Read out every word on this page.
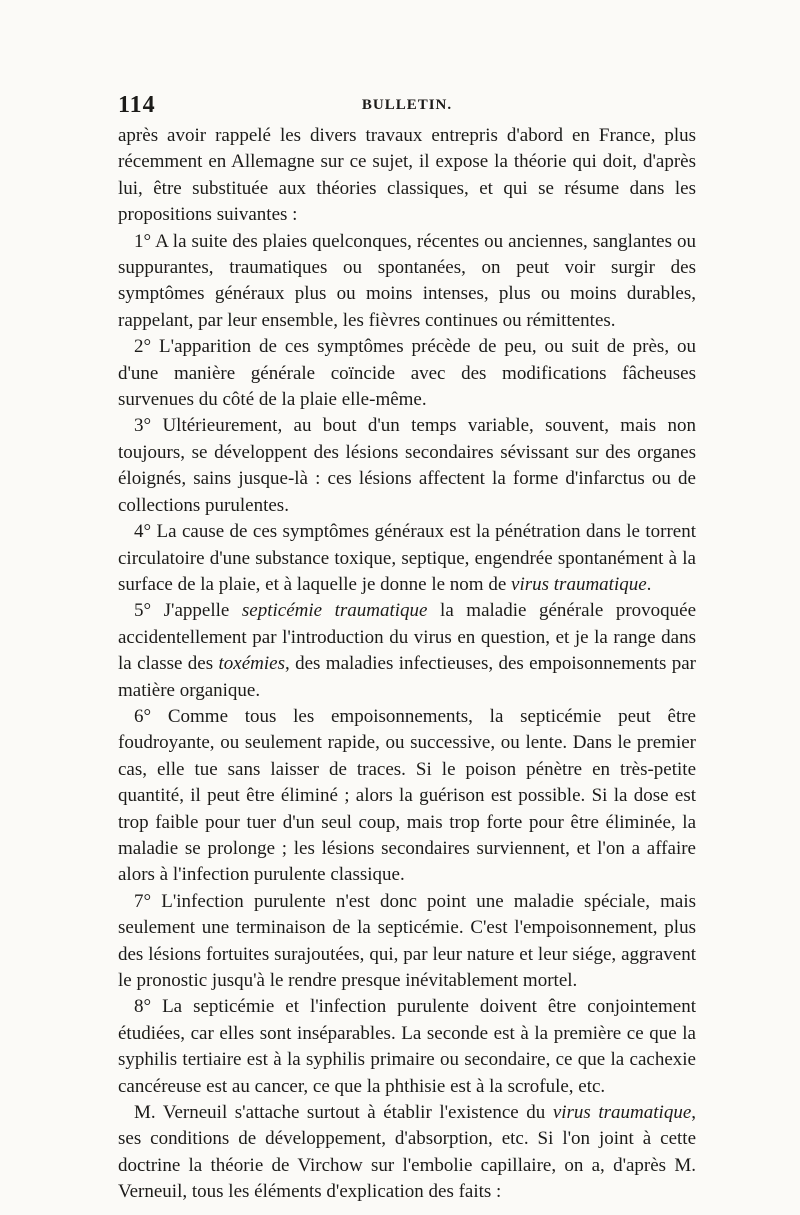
114	BULLETIN.

après avoir rappelé les divers travaux entrepris d'abord en France, plus récemment en Allemagne sur ce sujet, il expose la théorie qui doit, d'après lui, être substituée aux théories classiques, et qui se résume dans les propositions suivantes :

1° A la suite des plaies quelconques, récentes ou anciennes, sanglantes ou suppurantes, traumatiques ou spontanées, on peut voir surgir des symptômes généraux plus ou moins intenses, plus ou moins durables, rappelant, par leur ensemble, les fièvres continues ou rémittentes.

2° L'apparition de ces symptômes précède de peu, ou suit de près, ou d'une manière générale coïncide avec des modifications fâcheuses survenues du côté de la plaie elle-même.

3° Ultérieurement, au bout d'un temps variable, souvent, mais non toujours, se développent des lésions secondaires sévissant sur des organes éloignés, sains jusque-là : ces lésions affectent la forme d'infarctus ou de collections purulentes.

4° La cause de ces symptômes généraux est la pénétration dans le torrent circulatoire d'une substance toxique, septique, engendrée spontanément à la surface de la plaie, et à laquelle je donne le nom de virus traumatique.

5° J'appelle septicémie traumatique la maladie générale provoquée accidentellement par l'introduction du virus en question, et je la range dans la classe des toxémies, des maladies infectieuses, des empoisonnements par matière organique.

6° Comme tous les empoisonnements, la septicémie peut être foudroyante, ou seulement rapide, ou successive, ou lente. Dans le premier cas, elle tue sans laisser de traces. Si le poison pénètre en très-petite quantité, il peut être éliminé ; alors la guérison est possible. Si la dose est trop faible pour tuer d'un seul coup, mais trop forte pour être éliminée, la maladie se prolonge ; les lésions secondaires surviennent, et l'on a affaire alors à l'infection purulente classique.

7° L'infection purulente n'est donc point une maladie spéciale, mais seulement une terminaison de la septicémie. C'est l'empoisonnement, plus des lésions fortuites surajoutées, qui, par leur nature et leur siége, aggravent le pronostic jusqu'à le rendre presque inévitablement mortel.

8° La septicémie et l'infection purulente doivent être conjointement étudiées, car elles sont inséparables. La seconde est à la première ce que la syphilis tertiaire est à la syphilis primaire ou secondaire, ce que la cachexie cancéreuse est au cancer, ce que la phthisie est à la scrofule, etc.

M. Verneuil s'attache surtout à établir l'existence du virus traumatique, ses conditions de développement, d'absorption, etc. Si l'on joint à cette doctrine la théorie de Virchow sur l'embolie capillaire, on a, d'après M. Verneuil, tous les éléments d'explication des faits :
